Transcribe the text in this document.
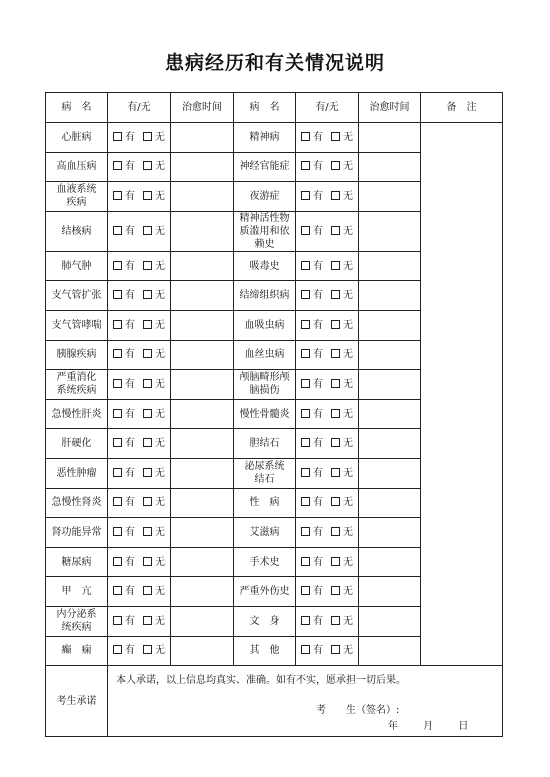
患病经历和有关情况说明
病　名	有/无	治愈时间	病　名	有/无	治愈时间	备　注
心脏病	有 无		精神病	有 无		
高血压病	有 无		神经官能症	有 无		
血液系统疾病	有 无		夜游症	有 无		
结核病	有 无		精神活性物质滥用和依赖史	有 无		
肺气肿	有 无		吸毒史	有 无		
支气管扩张	有 无		结缔组织病	有 无		
支气管哮喘	有 无		血吸虫病	有 无		
胰腺疾病	有 无		血丝虫病	有 无		
严重消化系统疾病	有 无		颅脑畸形颅脑损伤	有 无		
急慢性肝炎	有 无		慢性骨髓炎	有 无		
肝硬化	有 无		胆结石	有 无		
恶性肿瘤	有 无		泌尿系统结石	有 无		
急慢性肾炎	有 无		性　病	有 无		
肾功能异常	有 无		艾滋病	有 无		
糖尿病	有 无		手术史	有 无		
甲　亢	有 无		严重外伤史	有 无		
内分泌系统疾病	有 无		文　身	有 无		
癫　痫	有 无		其　他	有 无		
考生承诺	本人承诺，以上信息均真实、准确。如有不实，愿承担一切后果。
考　　生（签名）:
年 月 日					
